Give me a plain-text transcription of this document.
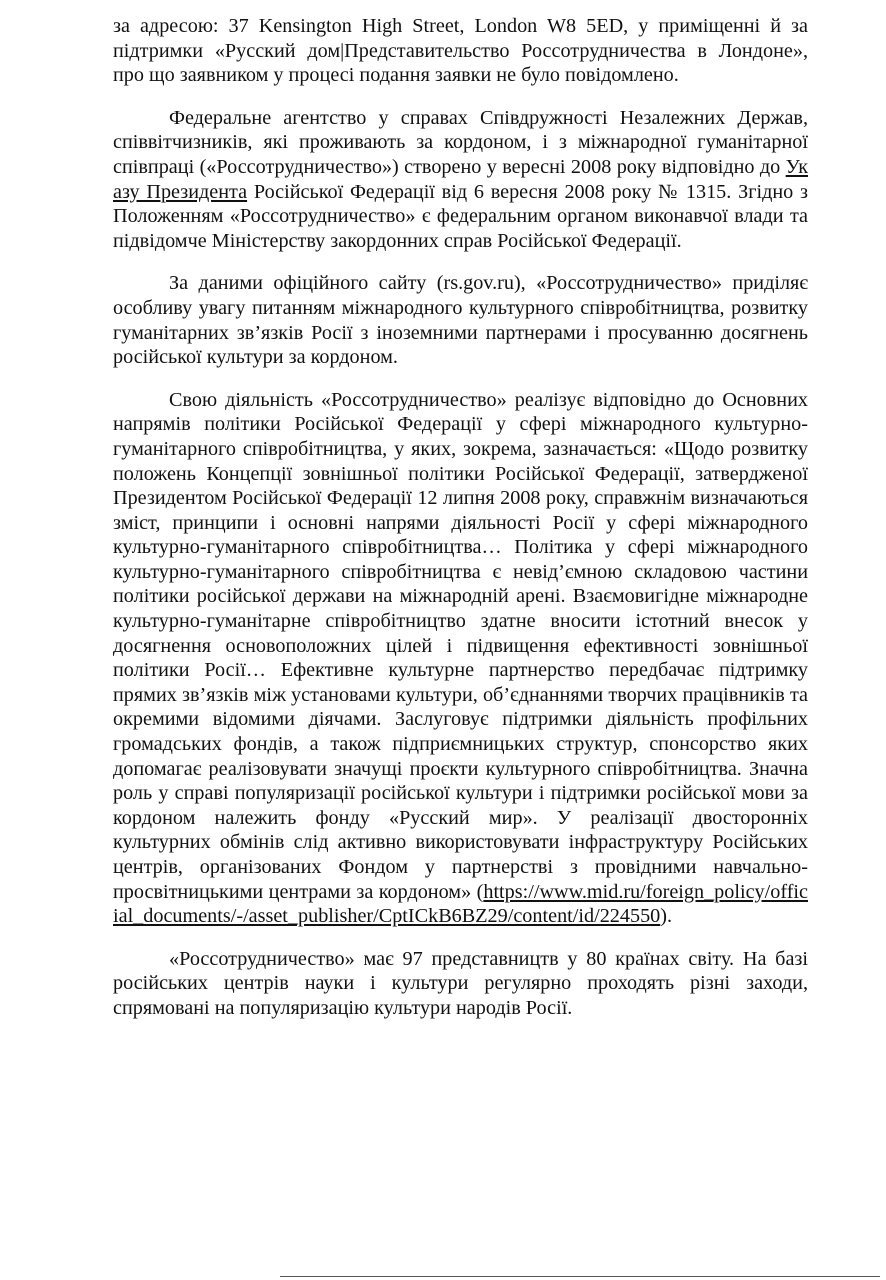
за адресою: 37 Kensington High Street, London W8 5ED, у приміщенні й за підтримки «Русский дом|Представительство Россотрудничества в Лондоне», про що заявником у процесі подання заявки не було повідомлено.

Федеральне агентство у справах Співдружності Незалежних Держав, співвітчизників, які проживають за кордоном, і з міжнародної гуманітарної співпраці («Россотрудничество») створено у вересні 2008 року відповідно до Указу Президента Російської Федерації від 6 вересня 2008 року № 1315. Згідно з Положенням «Россотрудничество» є федеральним органом виконавчої влади та підвідомче Міністерству закордонних справ Російської Федерації.

За даними офіційного сайту (rs.gov.ru), «Россотрудничество» приділяє особливу увагу питанням міжнародного культурного співробітництва, розвитку гуманітарних зв’язків Росії з іноземними партнерами і просуванню досягнень російської культури за кордоном.

Свою діяльність «Россотрудничество» реалізує відповідно до Основних напрямів політики Російської Федерації у сфері міжнародного культурно-гуманітарного співробітництва, у яких, зокрема, зазначається: «Щодо розвитку положень Концепції зовнішньої політики Російської Федерації, затвердженої Президентом Російської Федерації 12 липня 2008 року, справжнім визначаються зміст, принципи і основні напрями діяльності Росії у сфері міжнародного культурно-гуманітарного співробітництва… Політика у сфері міжнародного культурно-гуманітарного співробітництва є невід’ємною складовою частини політики російської держави на міжнародній арені. Взаємовигідне міжнародне культурно-гуманітарне співробітництво здатне вносити істотний внесок у досягнення основоположних цілей і підвищення ефективності зовнішньої політики Росії… Ефективне культурне партнерство передбачає підтримку прямих зв’язків між установами культури, об’єднаннями творчих працівників та окремими відомими діячами. Заслуговує підтримки діяльність профільних громадських фондів, а також підприємницьких структур, спонсорство яких допомагає реалізовувати значущі проєкти культурного співробітництва. Значна роль у справі популяризації російської культури і підтримки російської мови за кордоном належить фонду «Русский мир». У реалізації двосторонніх культурних обмінів слід активно використовувати інфраструктуру Російських центрів, організованих Фондом у партнерстві з провідними навчально-просвітницькими центрами за кордоном» (https://www.mid.ru/foreign_policy/official_documents/-/asset_publisher/CptICkB6BZ29/content/id/224550).

«Россотрудничество» має 97 представництв у 80 країнах світу. На базі російських центрів науки і культури регулярно проходять різні заходи, спрямовані на популяризацію культури народів Росії.
